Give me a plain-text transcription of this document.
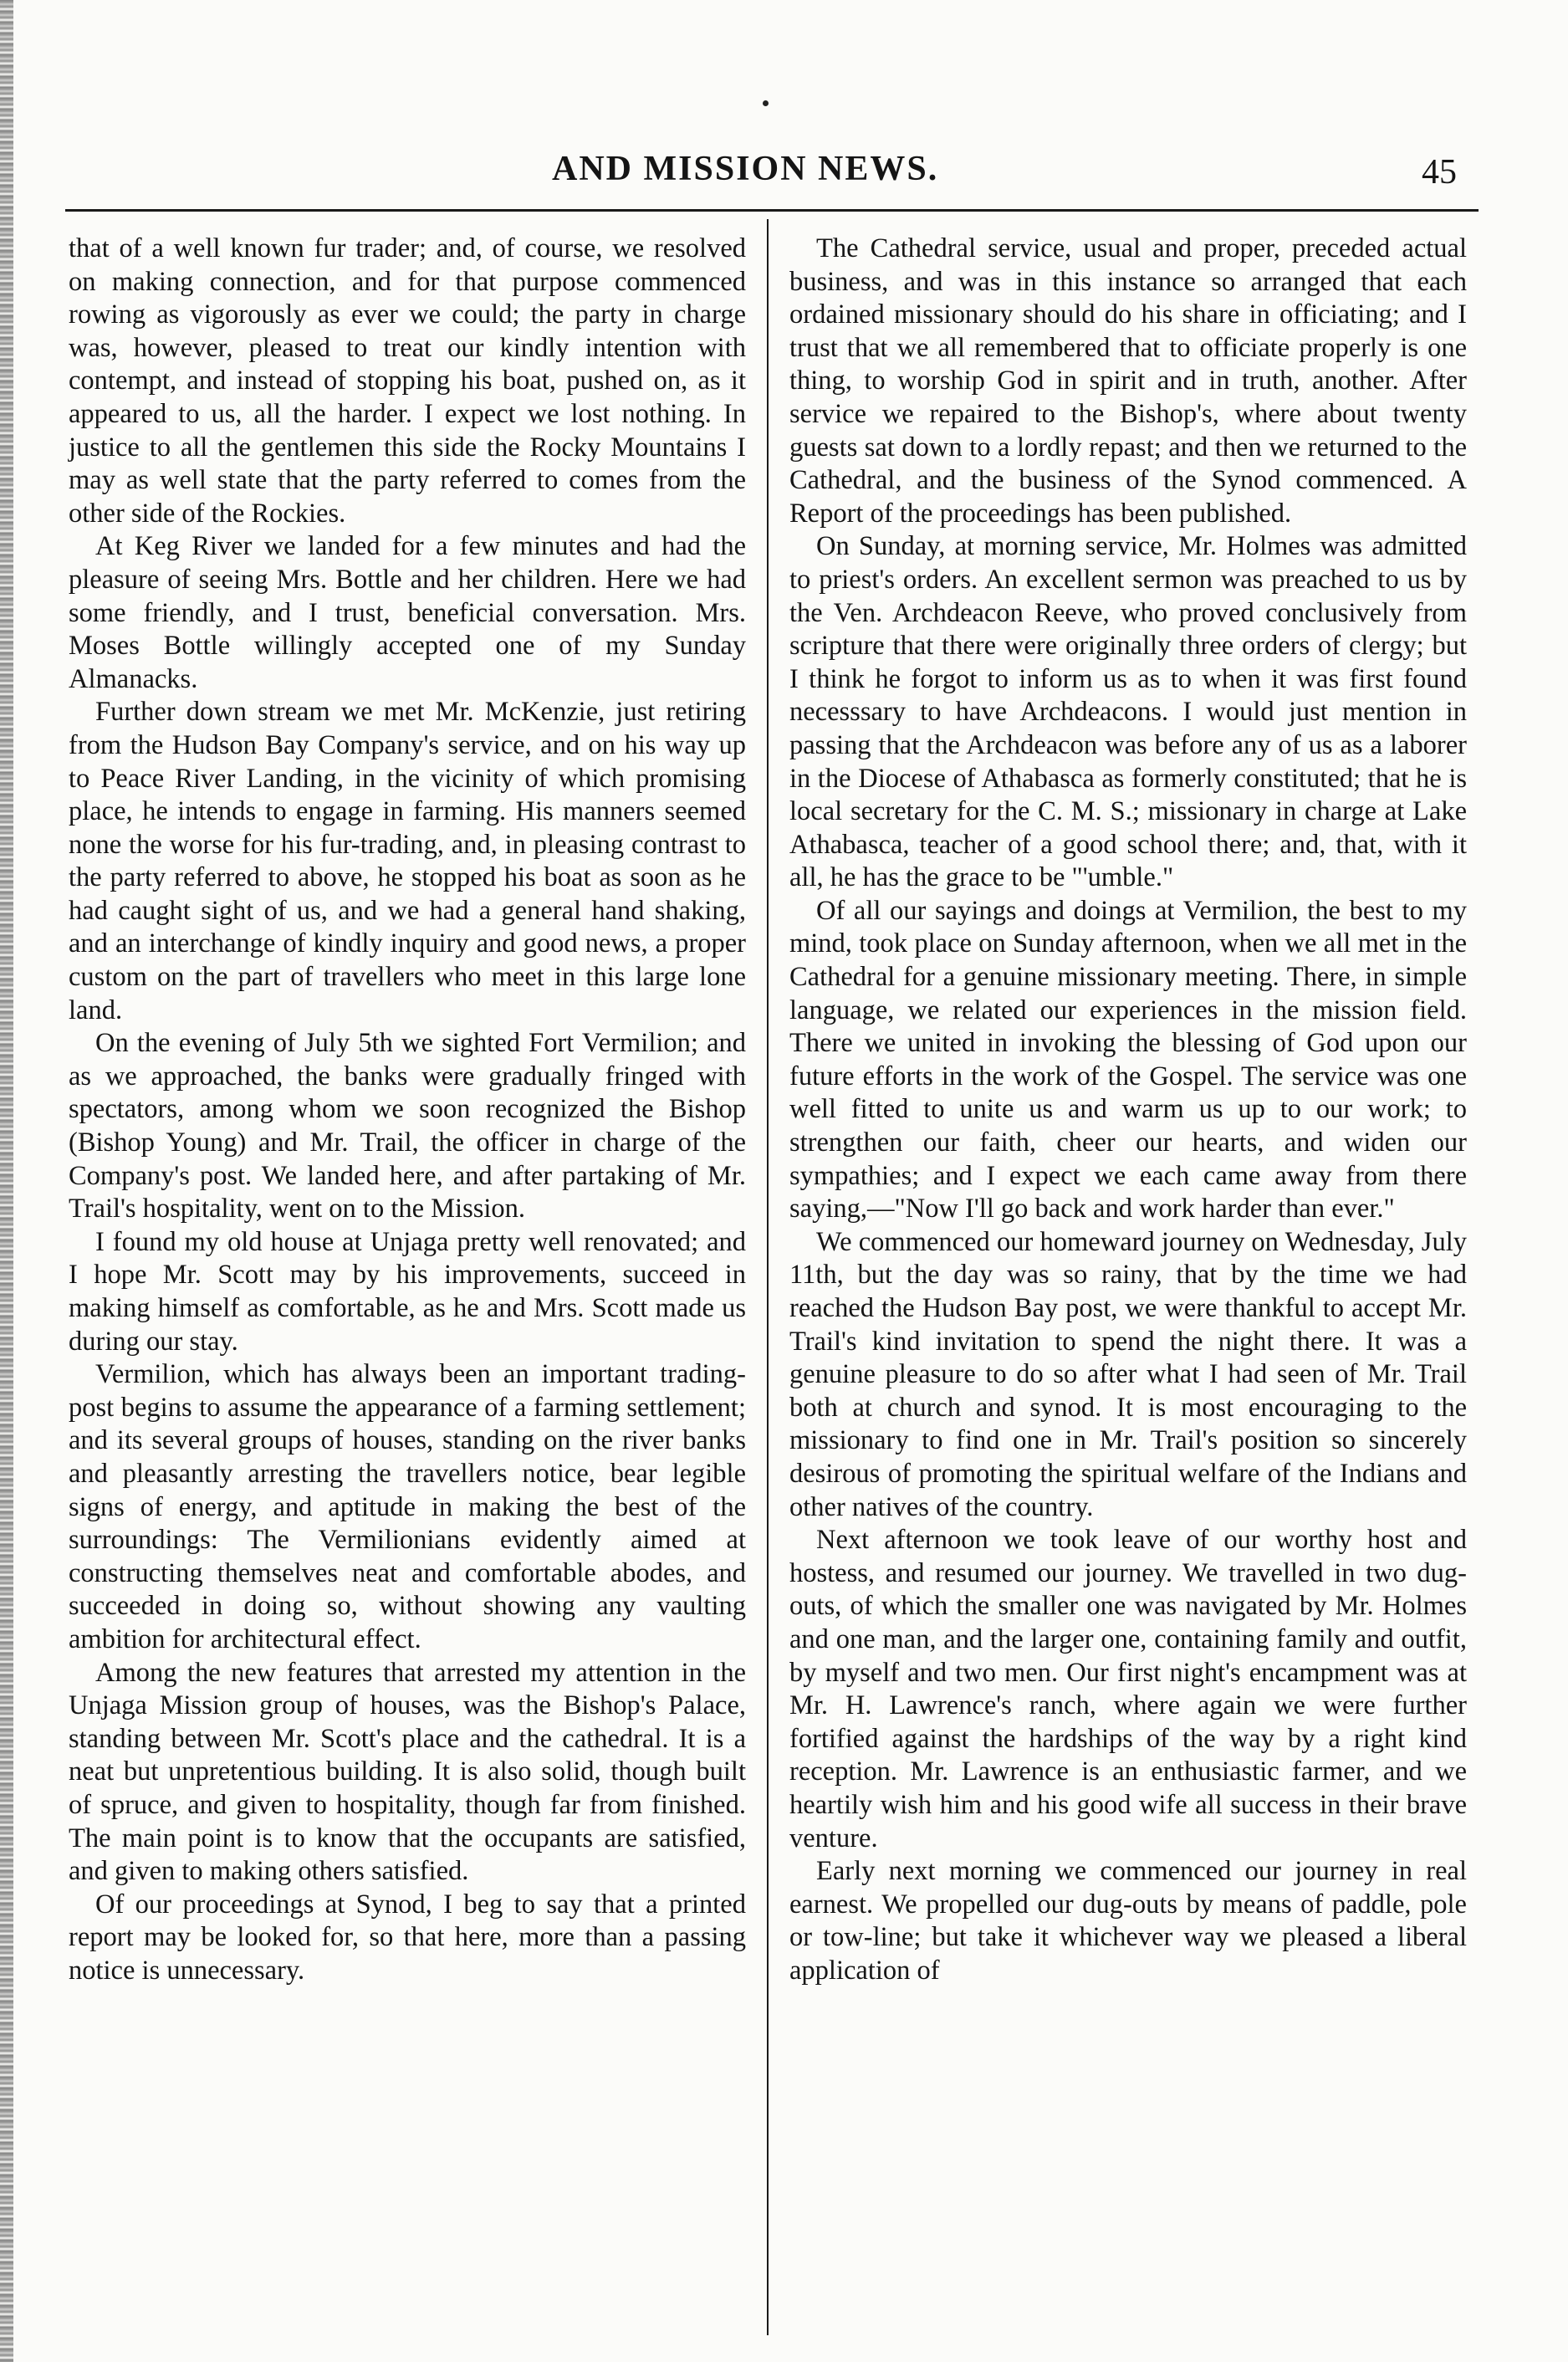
AND MISSION NEWS.	45

that of a well known fur trader; and, of course, we resolved on making connection, and for that purpose commenced rowing as vigorously as ever we could; the party in charge was, however, pleased to treat our kindly intention with contempt, and instead of stopping his boat, pushed on, as it appeared to us, all the harder. I expect we lost nothing. In justice to all the gentlemen this side the Rocky Mountains I may as well state that the party referred to comes from the other side of the Rockies.

At Keg River we landed for a few minutes and had the pleasure of seeing Mrs. Bottle and her children. Here we had some friendly, and I trust, beneficial conversation. Mrs. Moses Bottle willingly accepted one of my Sunday Almanacks.

Further down stream we met Mr. McKenzie, just retiring from the Hudson Bay Company's service, and on his way up to Peace River Landing, in the vicinity of which promising place, he intends to engage in farming. His manners seemed none the worse for his fur-trading, and, in pleasing contrast to the party referred to above, he stopped his boat as soon as he had caught sight of us, and we had a general hand shaking, and an interchange of kindly inquiry and good news, a proper custom on the part of travellers who meet in this large lone land.

On the evening of July 5th we sighted Fort Vermilion; and as we approached, the banks were gradually fringed with spectators, among whom we soon recognized the Bishop (Bishop Young) and Mr. Trail, the officer in charge of the Company's post. We landed here, and after partaking of Mr. Trail's hospitality, went on to the Mission.

I found my old house at Unjaga pretty well renovated; and I hope Mr. Scott may by his improvements, succeed in making himself as comfortable, as he and Mrs. Scott made us during our stay.

Vermilion, which has always been an important trading-post begins to assume the appearance of a farming settlement; and its several groups of houses, standing on the river banks and pleasantly arresting the travellers notice, bear legible signs of energy, and aptitude in making the best of the surroundings: The Vermilionians evidently aimed at constructing themselves neat and comfortable abodes, and succeeded in doing so, without showing any vaulting ambition for architectural effect.

Among the new features that arrested my attention in the Unjaga Mission group of houses, was the Bishop's Palace, standing between Mr. Scott's place and the cathedral. It is a neat but unpretentious building. It is also solid, though built of spruce, and given to hospitality, though far from finished. The main point is to know that the occupants are satisfied, and given to making others satisfied.

Of our proceedings at Synod, I beg to say that a printed report may be looked for, so that here, more than a passing notice is unnecessary.

The Cathedral service, usual and proper, preceded actual business, and was in this instance so arranged that each ordained missionary should do his share in officiating; and I trust that we all remembered that to officiate properly is one thing, to worship God in spirit and in truth, another. After service we repaired to the Bishop's, where about twenty guests sat down to a lordly repast; and then we returned to the Cathedral, and the business of the Synod commenced. A Report of the proceedings has been published.

On Sunday, at morning service, Mr. Holmes was admitted to priest's orders. An excellent sermon was preached to us by the Ven. Archdeacon Reeve, who proved conclusively from scripture that there were originally three orders of clergy; but I think he forgot to inform us as to when it was first found necesssary to have Archdeacons. I would just mention in passing that the Archdeacon was before any of us as a laborer in the Diocese of Athabasca as formerly constituted; that he is local secretary for the C. M. S.; missionary in charge at Lake Athabasca, teacher of a good school there; and, that, with it all, he has the grace to be "'umble."

Of all our sayings and doings at Vermilion, the best to my mind, took place on Sunday afternoon, when we all met in the Cathedral for a genuine missionary meeting. There, in simple language, we related our experiences in the mission field. There we united in invoking the blessing of God upon our future efforts in the work of the Gospel. The service was one well fitted to unite us and warm us up to our work; to strengthen our faith, cheer our hearts, and widen our sympathies; and I expect we each came away from there saying,—"Now I'll go back and work harder than ever."

We commenced our homeward journey on Wednesday, July 11th, but the day was so rainy, that by the time we had reached the Hudson Bay post, we were thankful to accept Mr. Trail's kind invitation to spend the night there. It was a genuine pleasure to do so after what I had seen of Mr. Trail both at church and synod. It is most encouraging to the missionary to find one in Mr. Trail's position so sincerely desirous of promoting the spiritual welfare of the Indians and other natives of the country.

Next afternoon we took leave of our worthy host and hostess, and resumed our journey. We travelled in two dug-outs, of which the smaller one was navigated by Mr. Holmes and one man, and the larger one, containing family and outfit, by myself and two men. Our first night's encampment was at Mr. H. Lawrence's ranch, where again we were further fortified against the hardships of the way by a right kind reception. Mr. Lawrence is an enthusiastic farmer, and we heartily wish him and his good wife all success in their brave venture.

Early next morning we commenced our journey in real earnest. We propelled our dug-outs by means of paddle, pole or tow-line; but take it whichever way we pleased a liberal application of
